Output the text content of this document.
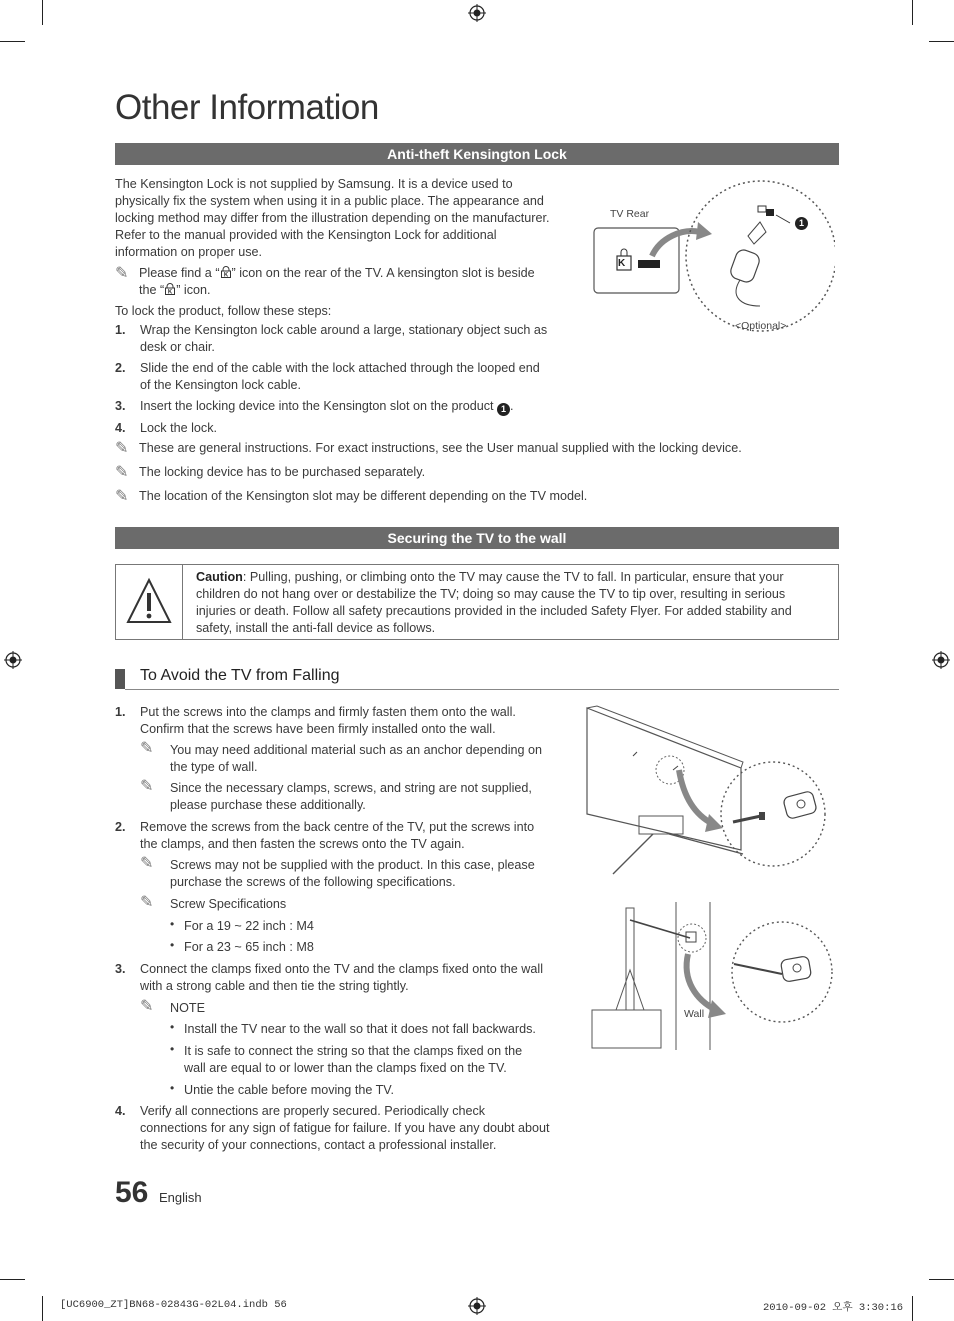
Other Information
Anti-theft Kensington Lock
The Kensington Lock is not supplied by Samsung. It is a device used to
physically fix the system when using it in a public place. The appearance and
locking method may differ from the illustration depending on the manufacturer.
Refer to the manual provided with the Kensington Lock for additional
information on proper use.
✎ Please find a “ K ” icon on the rear of the TV. A kensington slot is beside
the “ K ” icon.
To lock the product, follow these steps:
1. Wrap the Kensington lock cable around a large, stationary object such as
desk or chair.
2. Slide the end of the cable with the lock attached through the looped end
of the Kensington lock cable.
3.	Insert the locking device into the Kensington slot on the product 1 .
4. Lock the lock.
✎ These are general instructions. For exact instructions, see the User manual supplied with the locking device.
✎ The locking device has to be purchased separately.
✎ The location of the Kensington slot may be different depending on the TV model.
TV Rear
K
1
<Optional>
Securing the TV to the wall
Caution: Pulling, pushing, or climbing onto the TV may cause the TV to fall. In particular, ensure that your
children do not hang over or destabilize the TV; doing so may cause the TV to tip over, resulting in serious
injuries or death. Follow all safety precautions provided in the included Safety Flyer. For added stability and
safety, install the anti-fall device as follows.
To Avoid the TV from Falling
1. Put the screws into the clamps and firmly fasten them onto the wall.
Confirm that the screws have been firmly installed onto the wall.
✎	You may need additional material such as an anchor depending on
the type of wall.
✎	Since the necessary clamps, screws, and string are not supplied,
please purchase these additionally.
2. Remove the screws from the back centre of the TV, put the screws into
the clamps, and then fasten the screws onto the TV again.
✎	Screws may not be supplied with the product. In this case, please
purchase the screws of the following specifications.
✎	Screw Specifications
• For a 19 ~ 22 inch : M4
• For a 23 ~ 65 inch : M8
3. Connect the clamps fixed onto the TV and the clamps fixed onto the wall
with a strong cable and then tie the string tightly.
✎	NOTE
• Install the TV near to the wall so that it does not fall backwards.
• It is safe to connect the string so that the clamps fixed on the
wall are equal to or lower than the clamps fixed on the TV.
• Untie the cable before moving the TV.
4. Verify all connections are properly secured. Periodically check
connections for any sign of fatigue for failure. If you have any doubt about
the security of your connections, contact a professional installer.
Wall
56 English
[UC6900_ZT]BN68-02843G-02L04.indb 56	2010-09-02 오후 3:30:16
